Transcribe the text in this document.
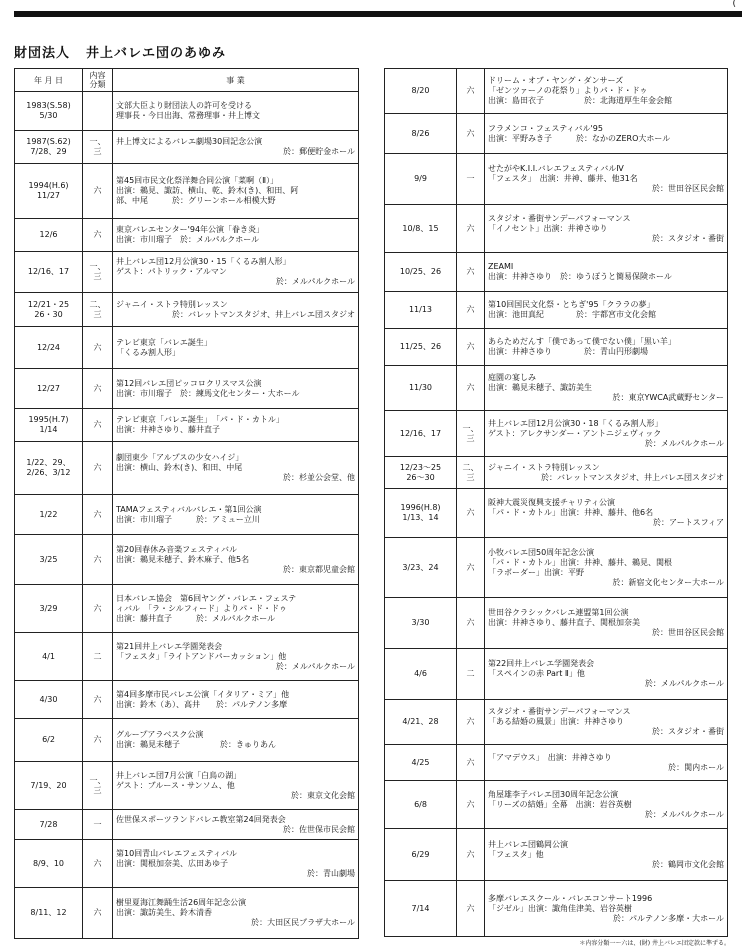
(
財団法人 井上バレエ団のあゆみ
年 月 日	内容分類	事 業
1983(S.58)
5/30		文部大臣より財団法人の許可を受ける
理事長・今日出海、常務理事・井上博文

1987(S.62)
7/28、29	一、三	井上博文によるバレエ劇場30回記念公演
於：郵便貯金ホール

1994(H.6)
11/27	六	第45回市民文化祭洋舞合同公演「菜啊（Ⅱ）」
出演：鵜見、諏訪、横山、乾、鈴木(き)、和田、阿
部、中尾　　　於：グリーンホール相模大野

12/6	六	東京バレエセンター'94年公演「眷き炎」
出演：市川瑠子　於：メルパルクホール

12/16、17	一、三	井上バレエ団12月公演30・15「くるみ割人形」
ゲスト：パトリック・アルマン
於：メルパルクホール

12/21・25
26・30	二、三	ジャニイ・ストラ特別レッスン
於：バレットマンスタジオ、井上バレエ団スタジオ

12/24	六	テレビ東京「バレエ誕生」
「くるみ割人形」

12/27	六	第12回バレエ団ピッコロクリスマス公演
出演：市川瑠子　於：練馬文化センター・大ホール

1995(H.7)
1/14	六	テレビ東京「バレエ誕生」　「パ・ド・カトル」
出演：井神さゆり、藤井直子

1/22、29、
2/26、3/12	六	劇団東少「アルプスの少女ハイジ」
出演：横山、鈴木(き)、和田、中尾
於：杉並公会堂、他

1/22	六	TAMAフェスティバルバレエ・第1回公演
出演：市川瑠子　　　於：アミュー立川

3/25	六	第20回春休み音楽フェスティバル
出演：鵜見未穂子、鈴木麻子、他5名
於：東京都児童会館

3/29	六	日本バレエ協会　第6回ヤング・バレエ・フェステ
ィバル　「ラ・シルフィード」よりパ・ド・ドゥ
出演：藤井直子　　　於：メルパルクホール

4/1	二	第21回井上バレエ学園発表会
「フェスタ」「ライトアンドパーカッション」他
於：メルパルクホール

4/30	六	第4回多摩市民バレエ公演「イタリア・ミア」他
出演：鈴木（あ）、高井　　於：パルテノン多摩

6/2	六	グループアラベスク公演
出演：鵜見未穂子　　　　　於：きゅりあん

7/19、20	一、三	井上バレエ団7月公演「白鳥の湖」
ゲスト：ブルース・サンソム、他
於：東京文化会館

7/28	一	佐世保スポーツランドバレエ教室第24回発表会
於：佐世保市民会館

8/9、10	六	第10回青山バレエフェスティバル
出演：関根加奈美、広田あゆ子
於：青山劇場

8/11、12	六	樹里夏海江舞踊生活26周年記念公演
出演：諏訪美生、鈴木清香
於：大田区民プラザ大ホール
8/20	六	ドリーム・オブ・ヤング・ダンサーズ
「ゼンツァーノの花祭り」よりパ・ド・ドゥ
出演：島田衣子　　　　　於：北海道厚生年金会館

8/26	六	フラメンコ・フェスティバル'95
出演：平野みき子　　　於：なかのZERO大ホール

9/9	一	せたがやK.I.I.バレエフェスティバルⅣ
「フェスタ」　出演：井神、藤井、他31名
於：世田谷区民会館

10/8、15	六	スタジオ・番街サンデーパフォーマンス
「イノセント」出演：井神さゆり
於：スタジオ・番街

10/25、26	六	ZEAMI
出演：井神さゆり　於：ゆうぽうと簡易保険ホール

11/13	六	第10回国民文化祭・とちぎ'95「クララの夢」
出演：池田真紀　　　　於：宇都宮市文化会館

11/25、26	六	あらためだんす「僕であって僕でない僕」「黒い羊」
出演：井神さゆり　　　　於：青山円形劇場

11/30	六	庭園の宴しみ
出演：鵜見未穂子、諏訪美生
於：東京YWCA武蔵野センター

12/16、17	一、三	井上バレエ団12月公演30・18「くるみ割人形」
ゲスト：アレクサンダー・アントニジェヴィック
於：メルパルクホール

12/23～25
26～30	二、三	ジャニイ・ストラ特別レッスン
於：バレットマンスタジオ、井上バレエ団スタジオ

1996(H.8)
1/13、14	六	阪神大震災復興支援チャリティ公演
「パ・ド・カトル」出演：井神、藤井、他6名
於：アートスフィア

3/23、24	六	小牧バレエ団50周年記念公演
「パ・ド・カトル」出演：井神、藤井、鵜見、関根
「ラボーダー」出演：平野
於：新宿文化センター大ホール

3/30	六	世田谷クラシックバレエ連盟第1回公演
出演：井神さゆり、藤井直子、関根加奈美
於：世田谷区民会館

4/6	二	第22回井上バレエ学園発表会
「スペインの赤 Part Ⅱ」他
於：メルパルクホール

4/21、28	六	スタジオ・番街サンデーパフォーマンス
「ある結婚の風景」出演：井神さゆり
於：スタジオ・番街

4/25	六	「アマデウス」　出演：井神さゆり
於：関内ホール

6/8	六	角屋雄李子バレエ団30周年記念公演
「リーズの結婚」全幕　出演：岩谷英樹
於：メルパルクホール

6/29	六	井上バレエ団鶴岡公演
「フェスタ」他
於：鶴岡市文化会館

7/14	六	多摩バレエスクール・バレエコンサート1996
「ジゼル」出演：諏角佳津美、岩谷英樹
於：パルテノン多摩・大ホール
＊内容分類一～六は、(財) 井上バレエ団定款に準ずる。
